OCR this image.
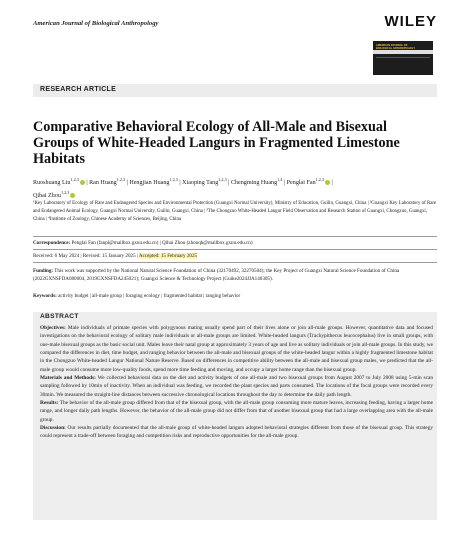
American Journal of Biological Anthropology	WILEY
AMERICAN JOURNAL OF
BIOLOGICAL ANTHROPOLOGY
RESEARCH ARTICLE
Comparative Behavioral Ecology of All-Male and Bisexual Groups of White-Headed Langurs in Fragmented Limestone Habitats
Ruoshuang Liu$^{1,2,3}$ | Ran Huang$^{1,2,3}$ | Hengjian Huang$^{1,2,3}$ | Xiaoping Tang$^{1,2,3}$ | Chengming Huang$^{1,4}$ | Penglai Fan$^{1,2,3}$ |
Qihai Zhou$^{1,2,3}$
¹Key Laboratory of Ecology of Rare and Endangered Species and Environmental Protection (Guangxi Normal University), Ministry of Education, Guilin, Guangxi, China | ²Guangxi Key Laboratory of Rare and Endangered Animal Ecology, Guangxi Normal University, Guilin, Guangxi, China | ³The Chongzuo White-Headed Langur Field Observation and Research Station of Guangxi, Chongzuo, Guangxi, China | ⁴Institute of Zoology, Chinese Academy of Sciences, Beijing, China
Correspondence: Penglai Fan (fanpl@mailbox.gxnu.edu.cn) | Qihai Zhou (zhouqh@mailbox.gxnu.edu.cn)
Received: 6 May 2024 | Revised: 15 January 2025 | Accepted: 15 February 2025
Funding: This work was supported by the National Natural Science Foundation of China (32170492, 32270504); the Key Project of Guangxi Natural Science Foundation of China (2022GXNSFDA080004, 2019GXNSFDA245021); Guangxi Science & Technology Project (Guike2024JJA140305).
Keywords: activity budget | all-male group | foraging ecology | fragmented habitat | ranging behavior
ABSTRACT

Objectives: Male individuals of primate species with polygynous mating usually spend part of their lives alone or join all-male groups. However, quantitative data and focused investigations on the behavioral ecology of solitary male individuals or all-male groups are limited. White-headed langurs (Trachypithecus leucocephalus) live in small groups, with one-male bisexual groups as the basic social unit. Males leave their natal group at approximately 3 years of age and live as solitary individuals or join all-male groups. In this study, we compared the differences in diet, time budget, and ranging behavior between the all-male and bisexual groups of the white-headed langur within a highly fragmented limestone habitat in the Chongzuo White-headed Langur National Nature Reserve. Based on differences in competitive ability between the all-male and bisexual group males, we predicted that the all-male group would consume more low-quality foods, spend more time feeding and moving, and occupy a larger home range than the bisexual group.

Materials and Methods: We collected behavioral data on the diet and activity budgets of one all-male and two bisexual groups from August 2007 to July 2008 using 5-min scan sampling followed by 10min of inactivity. When an individual was feeding, we recorded the plant species and parts consumed. The locations of the focal groups were recorded every 30min. We measured the straight-line distances between successive chronological locations throughout the day to determine the daily path length.

Results: The behavior of the all-male group differed from that of the bisexual group, with the all-male group consuming more mature leaves, increasing feeding, having a larger home range, and longer daily path lengths. However, the behavior of the all-male group did not differ from that of another bisexual group that had a large overlapping area with the all-male group.

Discussion: Our results partially documented that the all-male group of white-headed langurs adopted behavioral strategies different from those of the bisexual group. This strategy could represent a trade-off between foraging and competition risks and reproductive opportunities for the all-male group.
